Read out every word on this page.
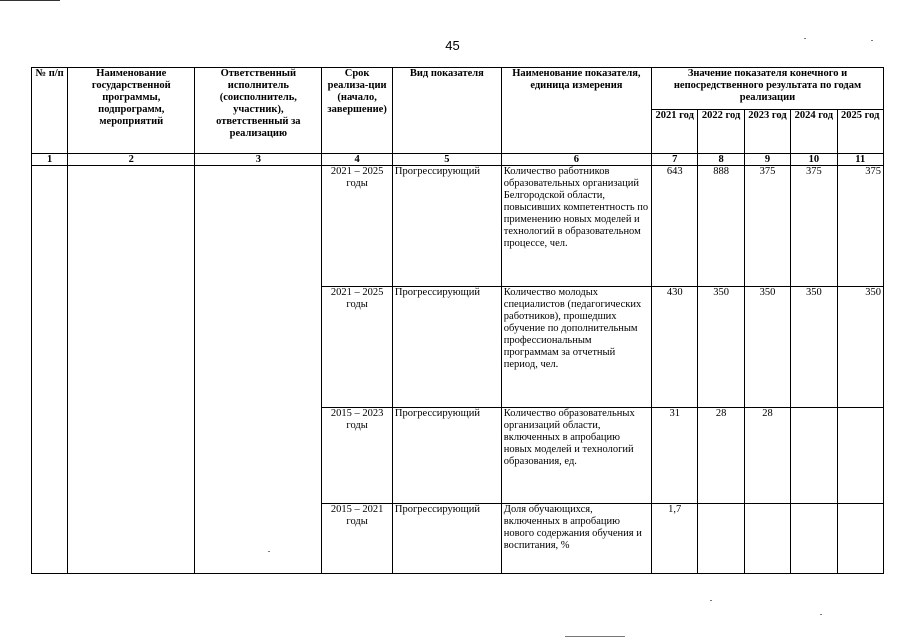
45
№ п/п	Наименование государственной программы, подпрограмм, мероприятий	Ответственный исполнитель (соисполнитель, участник), ответственный за реализацию	Срок реализа-ции (начало, завершение)	Вид показателя	Наименование показателя, единица измерения	Значение показателя конечного и непосредственного результата по годам реализации				
						2021 год	2022 год	2023 год	2024 год	2025 год
1	2	3	4	5	6	7	8	9	10	11
			2021 – 2025 годы	Прогрессирующий	Количество работников образовательных организаций Белгородской области, повысивших компетентность по применению новых моделей и технологий в образовательном процессе, чел.	643	888	375	375	375
			2021 – 2025 годы	Прогрессирующий	Количество молодых специалистов (педагогических работников), прошедших обучение по дополнительным профессиональным программам за отчетный период, чел.	430	350	350	350	350
			2015 – 2023 годы	Прогрессирующий	Количество образовательных организаций области, включенных в апробацию новых моделей и технологий образования, ед.	31	28	28		
			2015 – 2021 годы	Прогрессирующий	Доля обучающихся, включенных в апробацию нового содержания обучения и воспитания, %	1,7				
